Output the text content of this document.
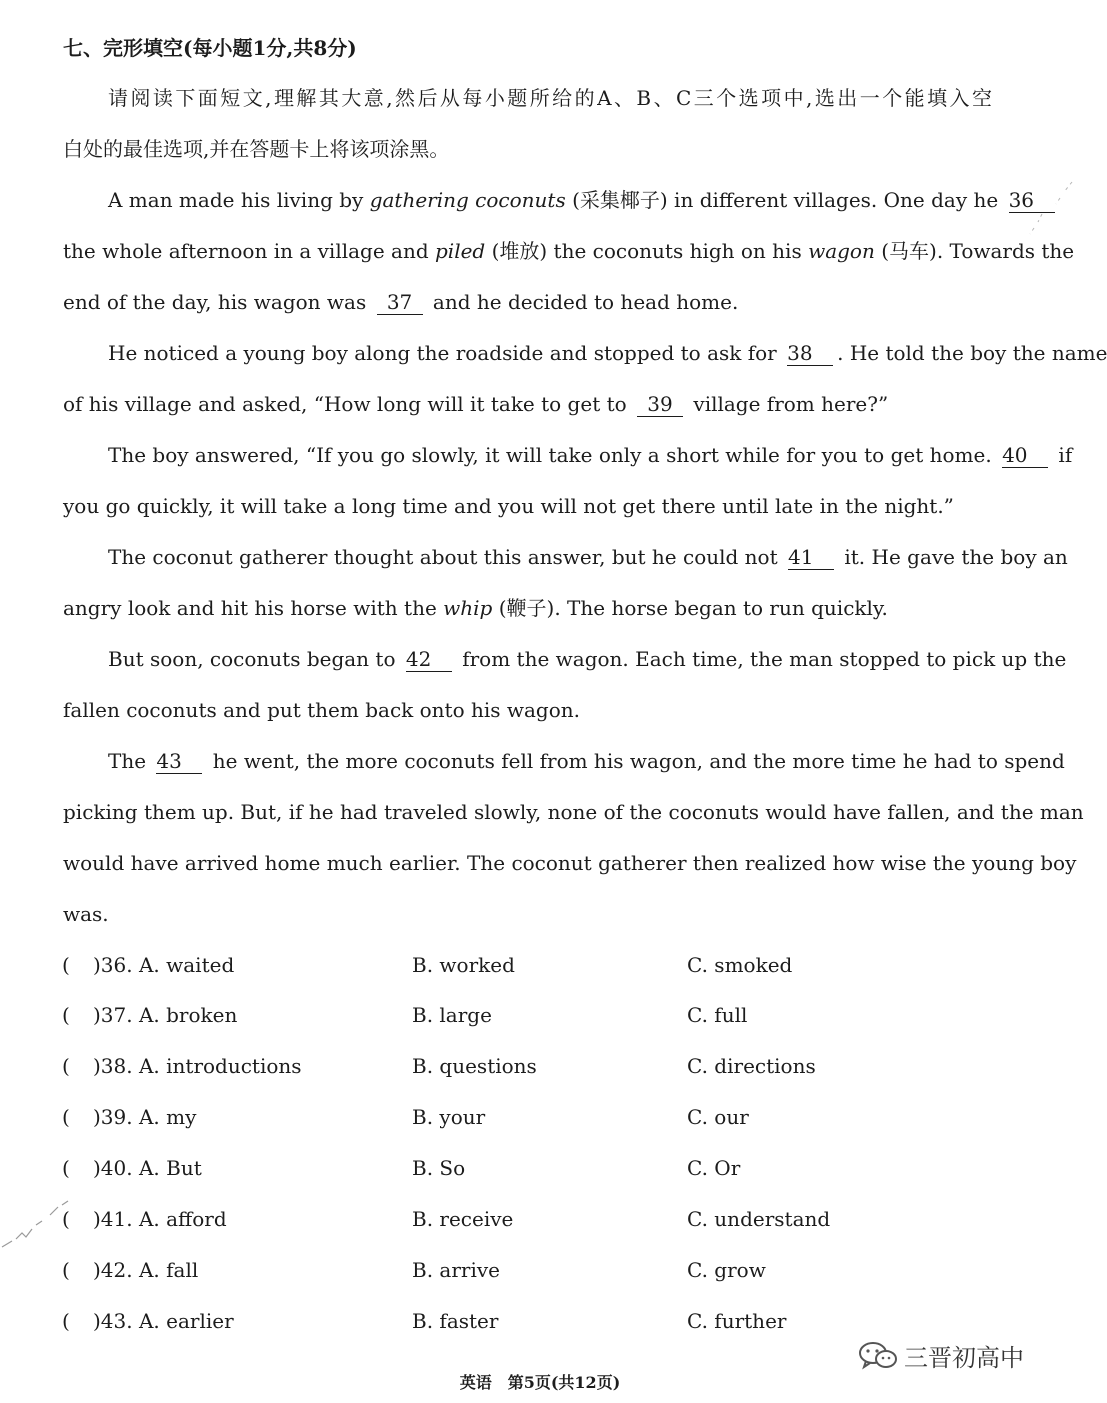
七、完形填空(每小题1分,共8分)
请阅读下面短文,理解其大意,然后从每小题所给的A、B、C三个选项中,选出一个能填入空
白处的最佳选项,并在答题卡上将该项涂黑。
A man made his living by gathering coconuts (采集椰子) in different villages. One day he 36
the whole afternoon in a village and piled (堆放) the coconuts high on his wagon (马车). Towards the
end of the day, his wagon was 37 and he decided to head home.
He noticed a young boy along the roadside and stopped to ask for 38 . He told the boy the name
of his village and asked, “How long will it take to get to 39 village from here?”
The boy answered, “If you go slowly, it will take only a short while for you to get home. 40 if
you go quickly, it will take a long time and you will not get there until late in the night.”
The coconut gatherer thought about this answer, but he could not 41 it. He gave the boy an
angry look and hit his horse with the whip (鞭子). The horse began to run quickly.
But soon, coconuts began to 42 from the wagon. Each time, the man stopped to pick up the
fallen coconuts and put them back onto his wagon.
The 43 he went, the more coconuts fell from his wagon, and the more time he had to spend
picking them up. But, if he had traveled slowly, none of the coconuts would have fallen, and the man
would have arrived home much earlier. The coconut gatherer then realized how wise the young boy
was.
( )36. A. waited	B. worked	C. smoked
( )37. A. broken	B. large	C. full
( )38. A. introductions	B. questions	C. directions
( )39. A. my	B. your	C. our
( )40. A. But	B. So	C. Or
( )41. A. afford	B. receive	C. understand
( )42. A. fall	B. arrive	C. grow
( )43. A. earlier	B. faster	C. further
三晋初高中
英语　第5页(共12页)
